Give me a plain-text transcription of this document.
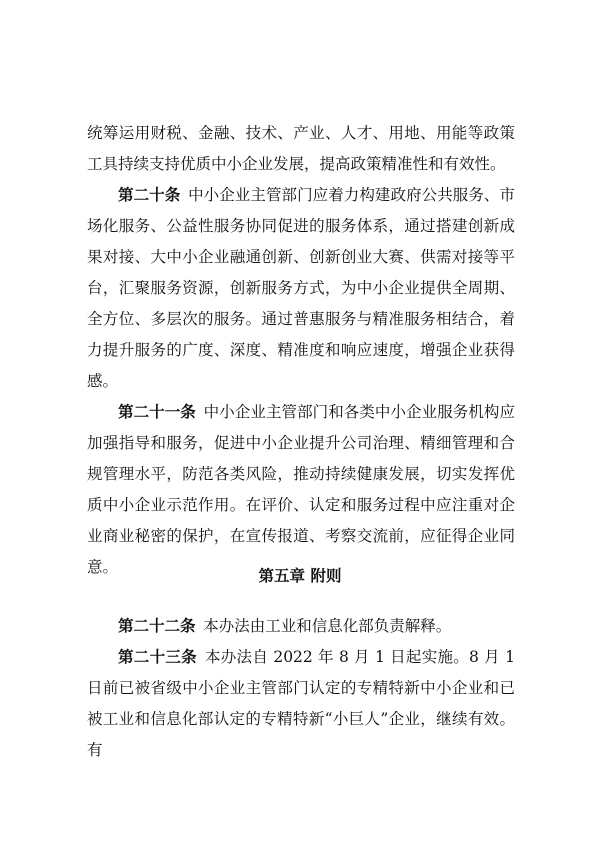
统筹运用财税、金融、技术、产业、人才、用地、用能等政策工具持续支持优质中小企业发展，提高政策精准性和有效性。

第二十条  中小企业主管部门应着力构建政府公共服务、市场化服务、公益性服务协同促进的服务体系，通过搭建创新成果对接、大中小企业融通创新、创新创业大赛、供需对接等平台，汇聚服务资源，创新服务方式，为中小企业提供全周期、全方位、多层次的服务。通过普惠服务与精准服务相结合，着力提升服务的广度、深度、精准度和响应速度，增强企业获得感。

第二十一条  中小企业主管部门和各类中小企业服务机构应加强指导和服务，促进中小企业提升公司治理、精细管理和合规管理水平，防范各类风险，推动持续健康发展，切实发挥优质中小企业示范作用。在评价、认定和服务过程中应注重对企业商业秘密的保护，在宣传报道、考察交流前，应征得企业同意。	第五章 附则

第二十二条  本办法由工业和信息化部负责解释。

第二十三条  本办法自 2022 年 8 月 1 日起实施。8 月 1 日前已被省级中小企业主管部门认定的专精特新中小企业和已被工业和信息化部认定的专精特新“小巨人”企业，继续有效。有
